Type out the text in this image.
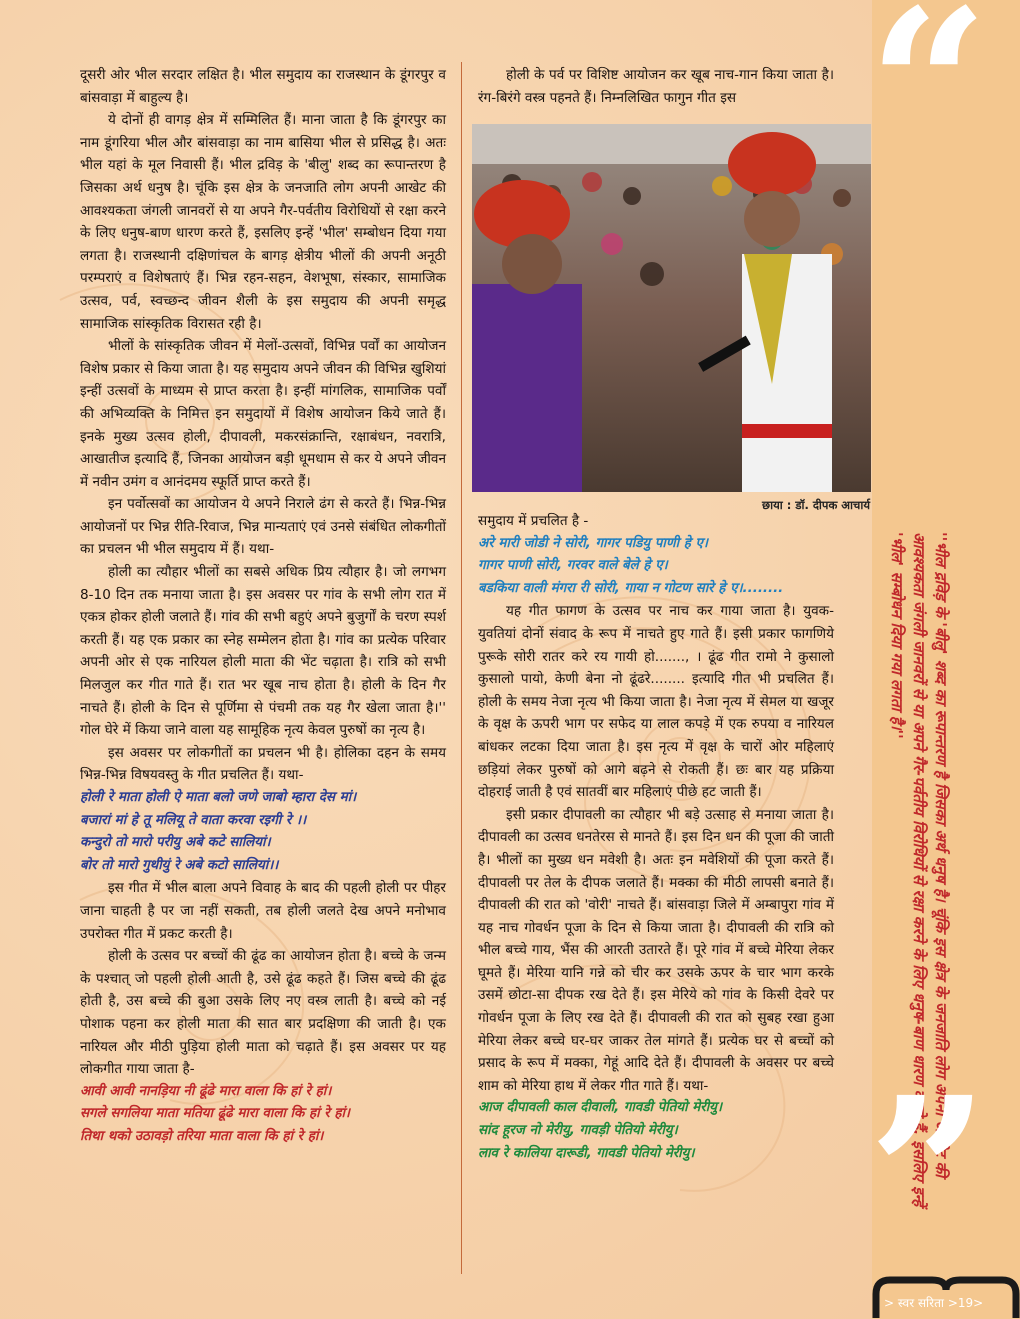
दूसरी ओर भील सरदार लक्षित है। भील समुदाय का राजस्थान के डूंगरपुर व बांसवाड़ा में बाहुल्य है।

ये दोनों ही वागड़ क्षेत्र में सम्मिलित हैं। माना जाता है कि डूंगरपुर का नाम डूंगरिया भील और बांसवाड़ा का नाम बासिया भील से प्रसिद्ध है। अतः भील यहां के मूल निवासी हैं। भील द्रविड़ के 'बीलु' शब्द का रूपान्तरण है जिसका अर्थ धनुष है। चूंकि इस क्षेत्र के जनजाति लोग अपनी आखेट की आवश्यकता जंगली जानवरों से या अपने गैर-पर्वतीय विरोधियों से रक्षा करने के लिए धनुष-बाण धारण करते हैं, इसलिए इन्हें 'भील' सम्बोधन दिया गया लगता है। राजस्थानी दक्षिणांचल के बागड़ क्षेत्रीय भीलों की अपनी अनूठी परम्पराएं व विशेषताएं हैं। भिन्न रहन-सहन, वेशभूषा, संस्कार, सामाजिक उत्सव, पर्व, स्वच्छन्द जीवन शैली के इस समुदाय की अपनी समृद्ध सामाजिक सांस्कृतिक विरासत रही है।

भीलों के सांस्कृतिक जीवन में मेलों-उत्सवों, विभिन्न पर्वों का आयोजन विशेष प्रकार से किया जाता है। यह समुदाय अपने जीवन की विभिन्न खुशियां इन्हीं उत्सवों के माध्यम से प्राप्त करता है। इन्हीं मांगलिक, सामाजिक पर्वों की अभिव्यक्ति के निमित्त इन समुदायों में विशेष आयोजन किये जाते हैं। इनके मुख्य उत्सव होली, दीपावली, मकरसंक्रान्ति, रक्षाबंधन, नवरात्रि, आखातीज इत्यादि हैं, जिनका आयोजन बड़ी धूमधाम से कर ये अपने जीवन में नवीन उमंग व आनंदमय स्फूर्ति प्राप्त करते हैं।

इन पर्वोत्सवों का आयोजन ये अपने निराले ढंग से करते हैं। भिन्न-भिन्न आयोजनों पर भिन्न रीति-रिवाज, भिन्न मान्यताएं एवं उनसे संबंधित लोकगीतों का प्रचलन भी भील समुदाय में हैं। यथा-

होली का त्यौहार भीलों का सबसे अधिक प्रिय त्यौहार है। जो लगभग 8-10 दिन तक मनाया जाता है। इस अवसर पर गांव के सभी लोग रात में एकत्र होकर होली जलाते हैं। गांव की सभी बहुएं अपने बुजुर्गों के चरण स्पर्श करती हैं। यह एक प्रकार का स्नेह सम्मेलन होता है। गांव का प्रत्येक परिवार अपनी ओर से एक नारियल होली माता की भेंट चढ़ाता है। रात्रि को सभी मिलजुल कर गीत गाते हैं। रात भर खूब नाच होता है। होली के दिन गैर नाचते हैं। होली के दिन से पूर्णिमा से पंचमी तक यह गैर खेला जाता है।'' गोल घेरे में किया जाने वाला यह सामूहिक नृत्य केवल पुरुषों का नृत्य है।

इस अवसर पर लोकगीतों का प्रचलन भी है। होलिका दहन के समय भिन्न-भिन्न विषयवस्तु के गीत प्रचलित हैं। यथा-

होली रे माता होली ऐ माता बलो जणे जाबो म्हारा देस मां।

बजारां मां हे तू मलियू ते वाता करवा रइगी रे ।।

कन्दुरो तो मारो परीयु अबे कटे सालियां।

बोर तो मारो गुथीयुं रे अबे कटो सालियां।।

इस गीत में भील बाला अपने विवाह के बाद की पहली होली पर पीहर जाना चाहती है पर जा नहीं सकती, तब होली जलते देख अपने मनोभाव उपरोक्त गीत में प्रकट करती है।

होली के उत्सव पर बच्चों की ढूंढ का आयोजन होता है। बच्चे के जन्म के पश्चात् जो पहली होली आती है, उसे ढूंढ कहते हैं। जिस बच्चे की ढूंढ होती है, उस बच्चे की बुआ उसके लिए नए वस्त्र लाती है। बच्चे को नई पोशाक पहना कर होली माता की सात बार प्रदक्षिणा की जाती है। एक नारियल और मीठी पुड़िया होली माता को चढ़ाते हैं। इस अवसर पर यह लोकगीत गाया जाता है-

आवी आवी नानड़िया नी ढूंढे मारा वाला कि हां रे हां।

सगले सगलिया माता मतिया ढूंढे मारा वाला कि हां रे हां।

तिथा थको उठावड़ो तरिया माता वाला कि हां रे हां।

होली के पर्व पर विशिष्ट आयोजन कर खूब नाच-गान किया जाता है। रंग-बिरंगे वस्त्र पहनते हैं। निम्नलिखित फागुन गीत इस

छाया : डॉ. दीपक आचार्य

समुदाय में प्रचलित है -

अरे मारी जोडी ने सोरी, गागर पडियु पाणी हे ए।

गागर पाणी सोरी, गरवर वाले बेले हे ए।

बडकिया वाली मंगरा री सोरी, गाया न गोटण सारे हे ए।........

यह गीत फागण के उत्सव पर नाच कर गाया जाता है। युवक-युवतियां दोनों संवाद के रूप में नाचते हुए गाते हैं। इसी प्रकार फागणिये पुरूके सोरी रातर करे रय गायी हो......., । ढूंढ गीत रामो ने कुसालो कुसालो पायो, केणी बेना नो ढूंढरे........ इत्यादि गीत भी प्रचलित हैं। होली के समय नेजा नृत्य भी किया जाता है। नेजा नृत्य में सेमल या खजूर के वृक्ष के ऊपरी भाग पर सफेद या लाल कपड़े में एक रुपया व नारियल बांधकर लटका दिया जाता है। इस नृत्य में वृक्ष के चारों ओर महिलाएं छड़ियां लेकर पुरुषों को आगे बढ़ने से रोकती हैं। छः बार यह प्रक्रिया दोहराई जाती है एवं सातवीं बार महिलाएं पीछे हट जाती हैं।

इसी प्रकार दीपावली का त्यौहार भी बड़े उत्साह से मनाया जाता है। दीपावली का उत्सव धनतेरस से मानते हैं। इस दिन धन की पूजा की जाती है। भीलों का मुख्य धन मवेशी है। अतः इन मवेशियों की पूजा करते हैं। दीपावली पर तेल के दीपक जलाते हैं। मक्का की मीठी लापसी बनाते हैं। दीपावली की रात को 'वोरी' नाचते हैं। बांसवाड़ा जिले में अम्बापुरा गांव में यह नाच गोवर्धन पूजा के दिन से किया जाता है। दीपावली की रात्रि को भील बच्चे गाय, भैंस की आरती उतारते हैं। पूरे गांव में बच्चे मेरिया लेकर घूमते हैं। मेरिया यानि गन्ने को चीर कर उसके ऊपर के चार भाग करके उसमें छोटा-सा दीपक रख देते हैं। इस मेरिये को गांव के किसी देवरे पर गोवर्धन पूजा के लिए रख देते हैं। दीपावली की रात को सुबह रखा हुआ मेरिया लेकर बच्चे घर-घर जाकर तेल मांगते हैं। प्रत्येक घर से बच्चों को प्रसाद के रूप में मक्का, गेहूं आदि देते हैं। दीपावली के अवसर पर बच्चे शाम को मेरिया हाथ में लेकर गीत गाते हैं। यथा-

आज दीपावली काल दीवाली, गावडी पेतियो मेरीयु।

सांद हूरज नो मेरीयु, गावड़ी पेतियो मेरीयु।

लाव रे कालिया दारूडी, गावडी पेतियो मेरीयु।

“
''भील द्रविड़ के 'बीलु' शब्द का रूपान्तरण है जिसका अर्थ धनुष है। चूंकि इस क्षेत्र के जनजाति लोग अपनी आखेट की आवश्यकता जंगली जानवरों से या अपने गैर-पर्वतीय विरोधियों से रक्षा करने के लिए धनुष-बाण धारण करते हैं, इसलिए इन्हें 'भील' सम्बोधन दिया गया लगता है।''
”
> स्वर सरिता >19>
